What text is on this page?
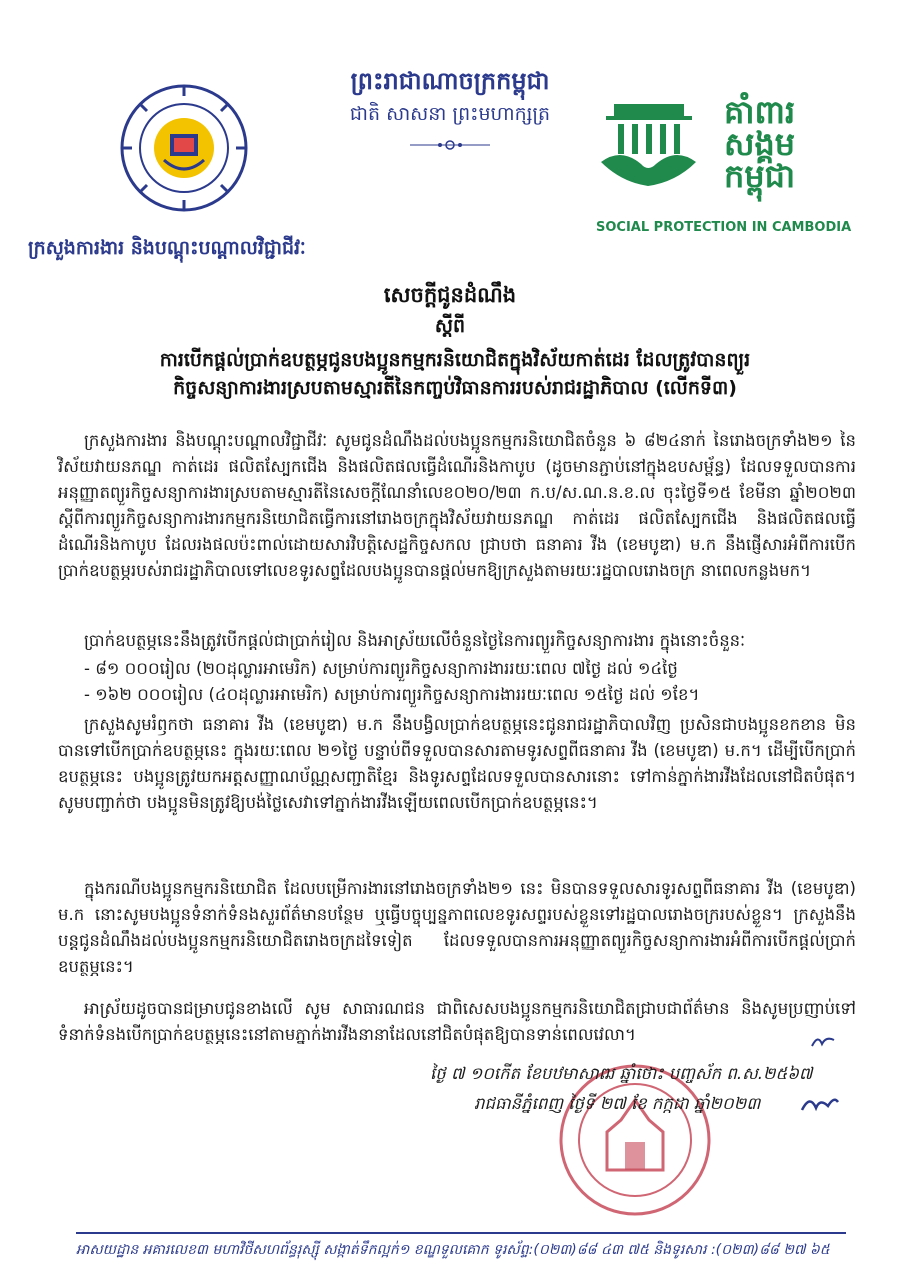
ព្រះរាជាណាចក្រកម្ពុជា
ជាតិ សាសនា ព្រះមហាក្សត្រ	គាំពារ
សង្គម
កម្ពុជា
SOCIAL PROTECTION IN CAMBODIA
ក្រសួងការងារ និងបណ្តុះបណ្តាលវិជ្ជាជីវៈ
សេចក្តីជូនដំណឹង
ស្តីពី
ការបើកផ្តល់ប្រាក់ឧបត្ថម្ភជូនបងប្អូនកម្មករនិយោជិតក្នុងវិស័យកាត់ដេរ ដែលត្រូវបានព្យួរ
កិច្ចសន្យាការងារស្របតាមស្មារតីនៃកញ្ចប់វិធានការរបស់រាជរដ្ឋាភិបាល (លើកទី៣)

ក្រសួងការងារ និងបណ្តុះបណ្តាលវិជ្ជាជីវៈ សូមជូនដំណឹងដល់បងប្អូនកម្មករនិយោជិតចំនួន ៦ ៨២៤នាក់ នៃរោងចក្រទាំង២១ នៃវិស័យវាយនភណ្ឌ កាត់ដេរ ផលិតស្បែកជើង និងផលិតផលធ្វើដំណើរនិងកាបូប (ដូចមានភ្ជាប់នៅក្នុងឧបសម្ព័ន្ធ) ដែលទទួលបានការអនុញ្ញាតព្យួរកិច្ចសន្យាការងារស្របតាមស្មារតីនៃសេចក្តីណែនាំលេខ០២០/២៣ ក.ប/ស.ណ.ន.ខ.ល ចុះថ្ងៃទី១៥ ខែមីនា ឆ្នាំ២០២៣ ស្តីពីការព្យួរកិច្ចសន្យាការងារកម្មករនិយោជិតធ្វើការនៅរោងចក្រក្នុងវិស័យវាយនភណ្ឌ កាត់ដេរ ផលិតស្បែកជើង និងផលិតផលធ្វើដំណើរនិងកាបូប ដែលរងផលប៉ះពាល់ដោយសារវិបត្តិសេដ្ឋកិច្ចសកល ជ្រាបថា ធនាគារ វីង (ខេមបូឌា) ម.ក នឹងផ្ញើសារអំពីការបើកប្រាក់ឧបត្ថម្ភរបស់រាជរដ្ឋាភិបាលទៅលេខទូរសព្ទដែលបងប្អូនបានផ្តល់មកឱ្យក្រសួងតាមរយៈរដ្ឋបាលរោងចក្រ នាពេលកន្លងមក។

ប្រាក់ឧបត្ថម្ភនេះនឹងត្រូវបើកផ្តល់ជាប្រាក់រៀល និងអាស្រ័យលើចំនួនថ្ងៃនៃការព្យួរកិច្ចសន្យាការងារ ក្នុងនោះចំនួនៈ

- ៨១ ០០០រៀល (២០ដុល្លារអាមេរិក) សម្រាប់ការព្យួរកិច្ចសន្យាការងាររយៈពេល ៧ថ្ងៃ ដល់ ១៤ថ្ងៃ
- ១៦២ ០០០រៀល (៤០ដុល្លារអាមេរិក) សម្រាប់ការព្យួរកិច្ចសន្យាការងាររយៈពេល ១៥ថ្ងៃ ដល់ ១ខែ។

ក្រសួងសូមរំឭកថា ធនាគារ វីង (ខេមបូឌា) ម.ក នឹងបង្វិលប្រាក់ឧបត្ថម្ភនេះជូនរាជរដ្ឋាភិបាលវិញ ប្រសិនជាបងប្អូនខកខាន មិនបានទៅបើកប្រាក់ឧបត្ថម្ភនេះ ក្នុងរយៈពេល ២១ថ្ងៃ បន្ទាប់ពីទទួលបានសារតាមទូរសព្ទពីធនាគារ វីង (ខេមបូឌា) ម.ក។ ដើម្បីបើកប្រាក់ឧបត្ថម្ភនេះ បងប្អូនត្រូវយកអត្តសញ្ញាណប័ណ្ណសញ្ជាតិខ្មែរ និងទូរសព្ទដែលទទួលបានសារនោះ ទៅកាន់ភ្នាក់ងារវីងដែលនៅជិតបំផុត។ សូមបញ្ជាក់ថា បងប្អូនមិនត្រូវឱ្យបង់ថ្លៃសេវាទៅភ្នាក់ងារវីងឡើយពេលបើកប្រាក់ឧបត្ថម្ភនេះ។

ក្នុងករណីបងប្អូនកម្មករនិយោជិត ដែលបម្រើការងារនៅរោងចក្រទាំង២១ នេះ មិនបានទទួលសារទូរសព្ទពីធនាគារ វីង (ខេមបូឌា) ម.ក នោះសូមបងប្អូនទំនាក់ទំនងសួរព័ត៌មានបន្ថែម ឬធ្វើបច្ចុប្បន្នភាពលេខទូរសព្ទរបស់ខ្លួនទៅរដ្ឋបាលរោងចក្ររបស់ខ្លួន។ ក្រសួងនឹងបន្តជូនដំណឹងដល់បងប្អូនកម្មករនិយោជិតរោងចក្រដទៃទៀត ដែលទទួលបានការអនុញ្ញាតព្យួរកិច្ចសន្យាការងារអំពីការបើកផ្តល់ប្រាក់ឧបត្ថម្ភនេះ។

អាស្រ័យដូចបានជម្រាបជូនខាងលើ សូម សាធារណជន ជាពិសេសបងប្អូនកម្មករនិយោជិតជ្រាបជាព័ត៌មាន និងសូមប្រញាប់ទៅទំនាក់ទំនងបើកប្រាក់ឧបត្ថម្ភនេះនៅតាមភ្នាក់ងារវីងនានាដែលនៅជិតបំផុតឱ្យបានទាន់ពេលវេលា។

ថ្ងៃ ៧ ១០កើត ខែបឋមាសាឍ ឆ្នាំថោះ បញ្ចស័ក ព.ស.២៥៦៧
រាជធានីភ្នំពេញ ថ្ងៃទី ២៧ ខែ កក្កដា ឆ្នាំ២០២៣
អាសយដ្ឋាន អគារលេខ៣ មហាវិថីសហព័ន្ធរុស្ស៊ី សង្កាត់ទឹកល្អក់១ ខណ្ឌទួលគោក ទូរស័ព្ទ:(០២៣)៨៨ ៤៣ ៧៥ និងទូរសារ :(០២៣)៨៨ ២៧ ៦៥
